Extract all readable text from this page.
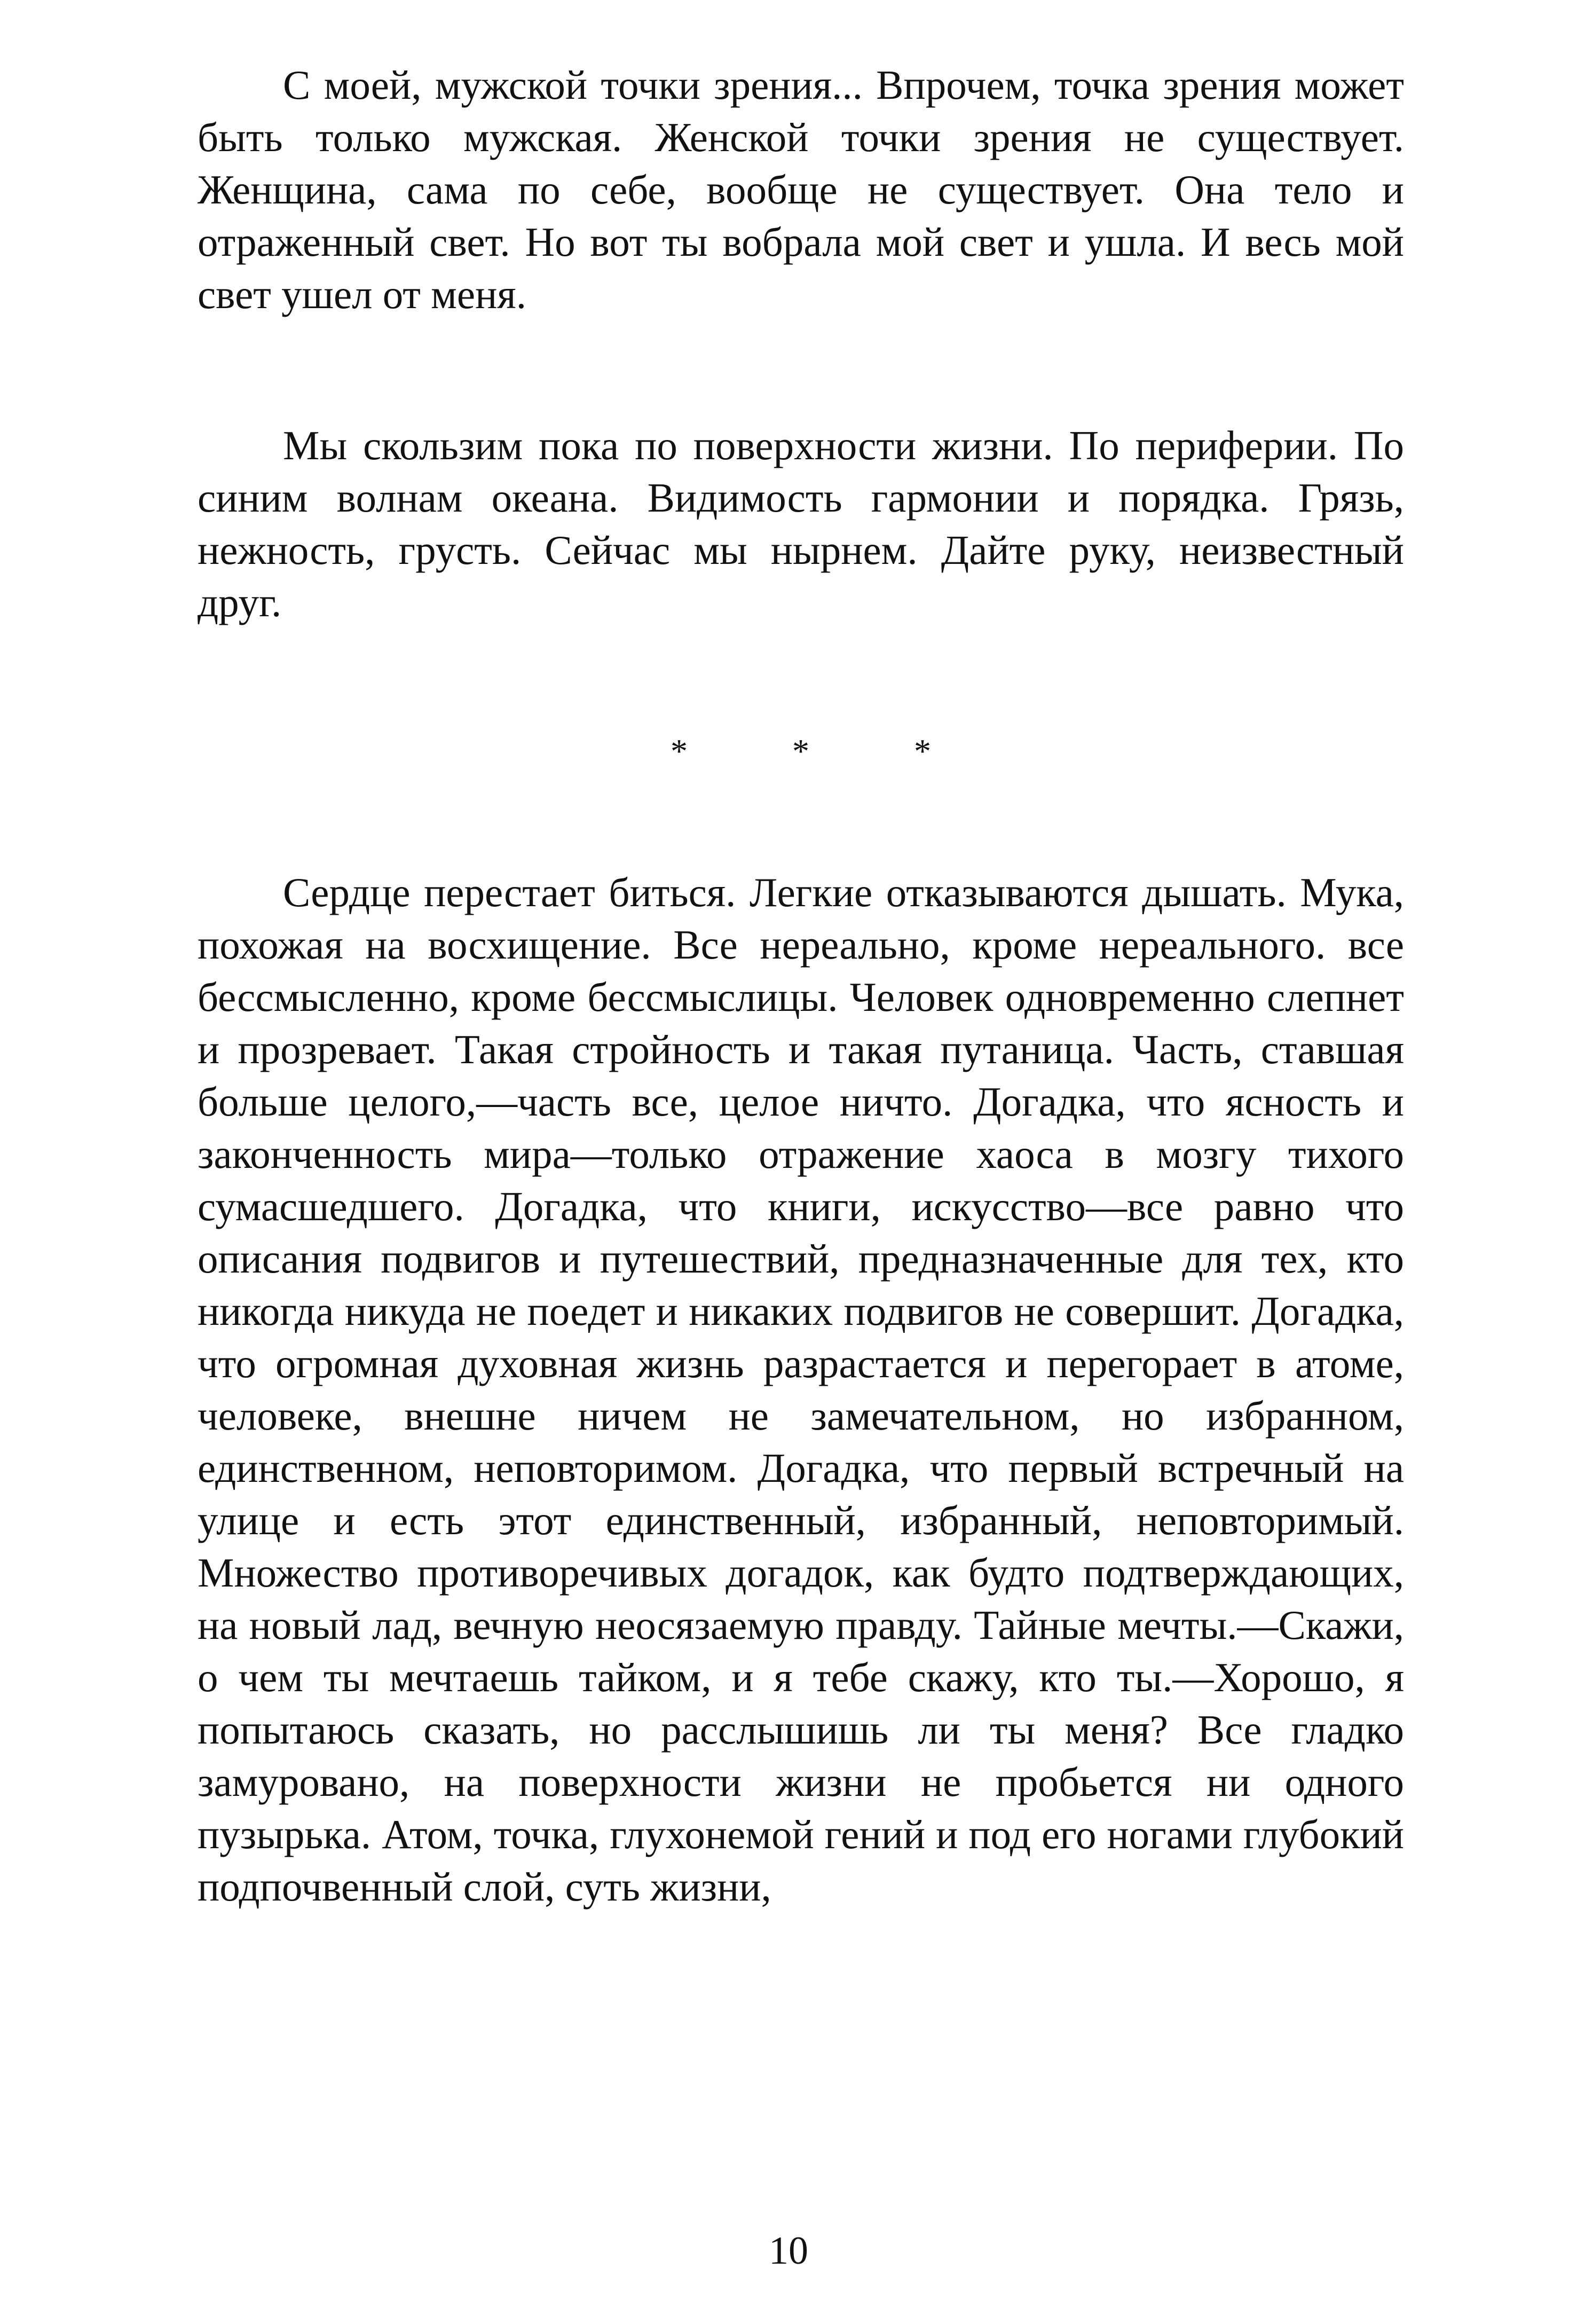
С моей, мужской точки зрения... Впрочем, точка зрения может быть только мужская. Женской точки зрения не существует. Женщина, сама по себе, вообще не существует. Она тело и отраженный свет. Но вот ты вобрала мой свет и ушла. И весь мой свет ушел от меня.

Мы скользим пока по поверхности жизни. По периферии. По синим волнам океана. Видимость гармонии и порядка. Грязь, нежность, грусть. Сейчас мы нырнем. Дайте руку, неизвестный друг.

* * *

Сердце перестает биться. Легкие отказываются дышать. Мука, похожая на восхищение. Все нереально, кроме нереального. все бессмысленно, кроме бессмыслицы. Человек одновременно слепнет и прозревает. Такая стройность и такая путаница. Часть, ставшая больше целого,—часть все, целое ничто. Догадка, что ясность и законченность мира—только отражение хаоса в мозгу тихого сумасшедшего. Догадка, что книги, искусство—все равно что описания подвигов и путешествий, предназначенные для тех, кто никогда никуда не поедет и никаких подвигов не совершит. Догадка, что огромная духовная жизнь разрастается и перегорает в атоме, человеке, внешне ничем не замечательном, но избранном, единственном, неповторимом. Догадка, что первый встречный на улице и есть этот единственный, избранный, неповторимый. Множество противоречивых догадок, как будто подтверждающих, на новый лад, вечную неосязаемую правду. Тайные мечты.—Скажи, о чем ты мечтаешь тайком, и я тебе скажу, кто ты.—Хорошо, я попытаюсь сказать, но расслышишь ли ты меня? Все гладко замуровано, на поверхности жизни не пробьется ни одного пузырька. Атом, точка, глухонемой гений и под его ногами глубокий подпочвенный слой, суть жизни,

10
